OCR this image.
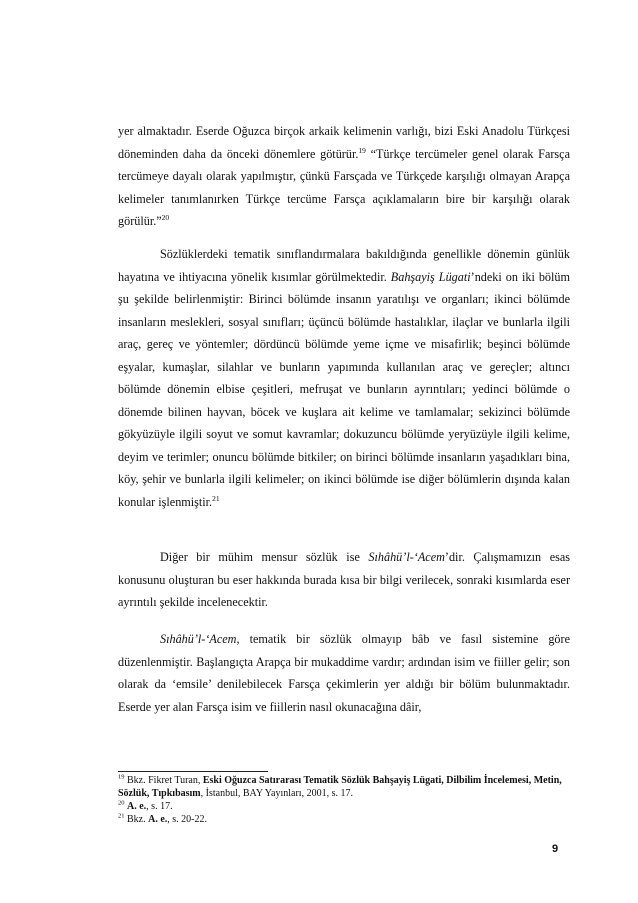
yer almaktadır. Eserde Oğuzca birçok arkaik kelimenin varlığı, bizi Eski Anadolu Türkçesi döneminden daha da önceki dönemlere götürür.$^{19}$ “Türkçe tercümeler genel olarak Farsça tercümeye dayalı olarak yapılmıştır, çünkü Farsçada ve Türkçede karşılığı olmayan Arapça kelimeler tanımlanırken Türkçe tercüme Farsça açıklamaların bire bir karşılığı olarak görülür.”$^{20}$

Sözlüklerdeki tematik sınıflandırmalara bakıldığında genellikle dönemin günlük hayatına ve ihtiyacına yönelik kısımlar görülmektedir. Bahşayiş Lügati’ndeki on iki bölüm şu şekilde belirlenmiştir: Birinci bölümde insanın yaratılışı ve organları; ikinci bölümde insanların meslekleri, sosyal sınıfları; üçüncü bölümde hastalıklar, ilaçlar ve bunlarla ilgili araç, gereç ve yöntemler; dördüncü bölümde yeme içme ve misafirlik; beşinci bölümde eşyalar, kumaşlar, silahlar ve bunların yapımında kullanılan araç ve gereçler; altıncı bölümde dönemin elbise çeşitleri, mefruşat ve bunların ayrıntıları; yedinci bölümde o dönemde bilinen hayvan, böcek ve kuşlara ait kelime ve tamlamalar; sekizinci bölümde gökyüzüyle ilgili soyut ve somut kavramlar; dokuzuncu bölümde yeryüzüyle ilgili kelime, deyim ve terimler; onuncu bölümde bitkiler; on birinci bölümde insanların yaşadıkları bina, köy, şehir ve bunlarla ilgili kelimeler; on ikinci bölümde ise diğer bölümlerin dışında kalan konular işlenmiştir.$^{21}$

Diğer bir mühim mensur sözlük ise Sıhâhü’l-‘Acem’dir. Çalışmamızın esas konusunu oluşturan bu eser hakkında burada kısa bir bilgi verilecek, sonraki kısımlarda eser ayrıntılı şekilde incelenecektir.

Sıhâhü’l-‘Acem, tematik bir sözlük olmayıp bâb ve fasıl sistemine göre düzenlenmiştir. Başlangıçta Arapça bir mukaddime vardır; ardından isim ve fiiller gelir; son olarak da ‘emsile’ denilebilecek Farsça çekimlerin yer aldığı bir bölüm bulunmaktadır. Eserde yer alan Farsça isim ve fiillerin nasıl okunacağına dâir,

$^{19}$ Bkz. Fikret Turan, Eski Oğuzca Satırarası Tematik Sözlük Bahşayiş Lügati, Dilbilim İncelemesi, Metin, Sözlük, Tıpkıbasım, İstanbul, BAY Yayınları, 2001, s. 17.

$^{20}$ A. e., s. 17.

$^{21}$ Bkz. A. e., s. 20-22.

9
